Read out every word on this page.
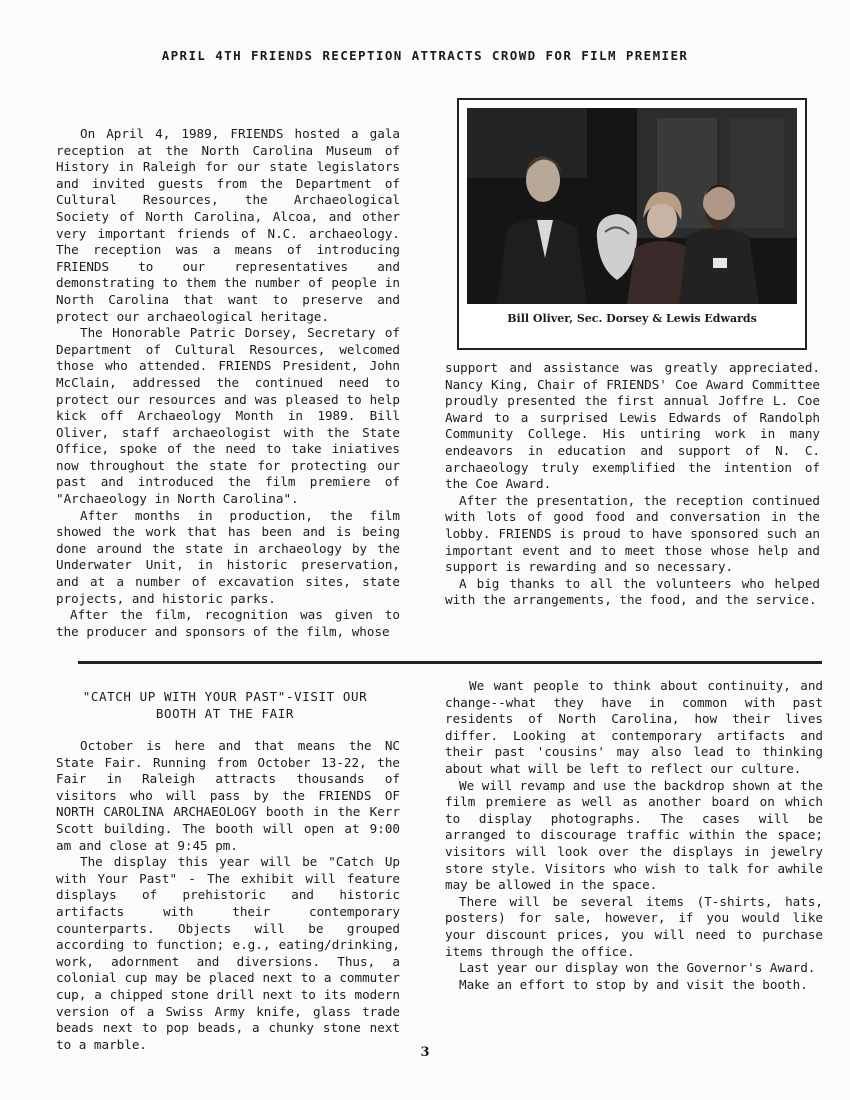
APRIL 4TH FRIENDS RECEPTION ATTRACTS CROWD FOR FILM PREMIER

On April 4, 1989, FRIENDS hosted a gala reception at the North Carolina Museum of History in Raleigh for our state legislators and invited guests from the Department of Cultural Resources, the Archaeological Society of North Carolina, Alcoa, and other very important friends of N.C. archaeology. The reception was a means of introducing FRIENDS to our representatives and demonstrating to them the number of people in North Carolina that want to preserve and protect our archaeological heritage.

The Honorable Patric Dorsey, Secretary of Department of Cultural Resources, welcomed those who attended. FRIENDS President, John McClain, addressed the continued need to protect our resources and was pleased to help kick off Archaeology Month in 1989. Bill Oliver, staff archaeologist with the State Office, spoke of the need to take iniatives now throughout the state for protecting our past and introduced the film premiere of "Archaeology in North Carolina".

After months in production, the film showed the work that has been and is being done around the state in archaeology by the Underwater Unit, in historic preservation, and at a number of excavation sites, state projects, and historic parks.

After the film, recognition was given to the producer and sponsors of the film, whose

Bill Oliver, Sec. Dorsey & Lewis Edwards

support and assistance was greatly appreciated. Nancy King, Chair of FRIENDS' Coe Award Committee proudly presented the first annual Joffre L. Coe Award to a surprised Lewis Edwards of Randolph Community College. His untiring work in many endeavors in education and support of N. C. archaeology truly exemplified the intention of the Coe Award.

After the presentation, the reception continued with lots of good food and conversation in the lobby. FRIENDS is proud to have sponsored such an important event and to meet those whose help and support is rewarding and so necessary.

A big thanks to all the volunteers who helped with the arrangements, the food, and the service.

"CATCH UP WITH YOUR PAST"-VISIT OUR
BOOTH AT THE FAIR

October is here and that means the NC State Fair. Running from October 13-22, the Fair in Raleigh attracts thousands of visitors who will pass by the FRIENDS OF NORTH CAROLINA ARCHAEOLOGY booth in the Kerr Scott building. The booth will open at 9:00 am and close at 9:45 pm.

The display this year will be "Catch Up with Your Past" - The exhibit will feature displays of prehistoric and historic artifacts with their contemporary counterparts. Objects will be grouped according to function; e.g., eating/drinking, work, adornment and diversions. Thus, a colonial cup may be placed next to a commuter cup, a chipped stone drill next to its modern version of a Swiss Army knife, glass trade beads next to pop beads, a chunky stone next to a marble.

We want people to think about continuity, and change--what they have in common with past residents of North Carolina, how their lives differ. Looking at contemporary artifacts and their past 'cousins' may also lead to thinking about what will be left to reflect our culture.

We will revamp and use the backdrop shown at the film premiere as well as another board on which to display photographs. The cases will be arranged to discourage traffic within the space; visitors will look over the displays in jewelry store style. Visitors who wish to talk for awhile may be allowed in the space.

There will be several items (T-shirts, hats, posters) for sale, however, if you would like your discount prices, you will need to purchase items through the office.

Last year our display won the Governor's Award.

Make an effort to stop by and visit the booth.

3
